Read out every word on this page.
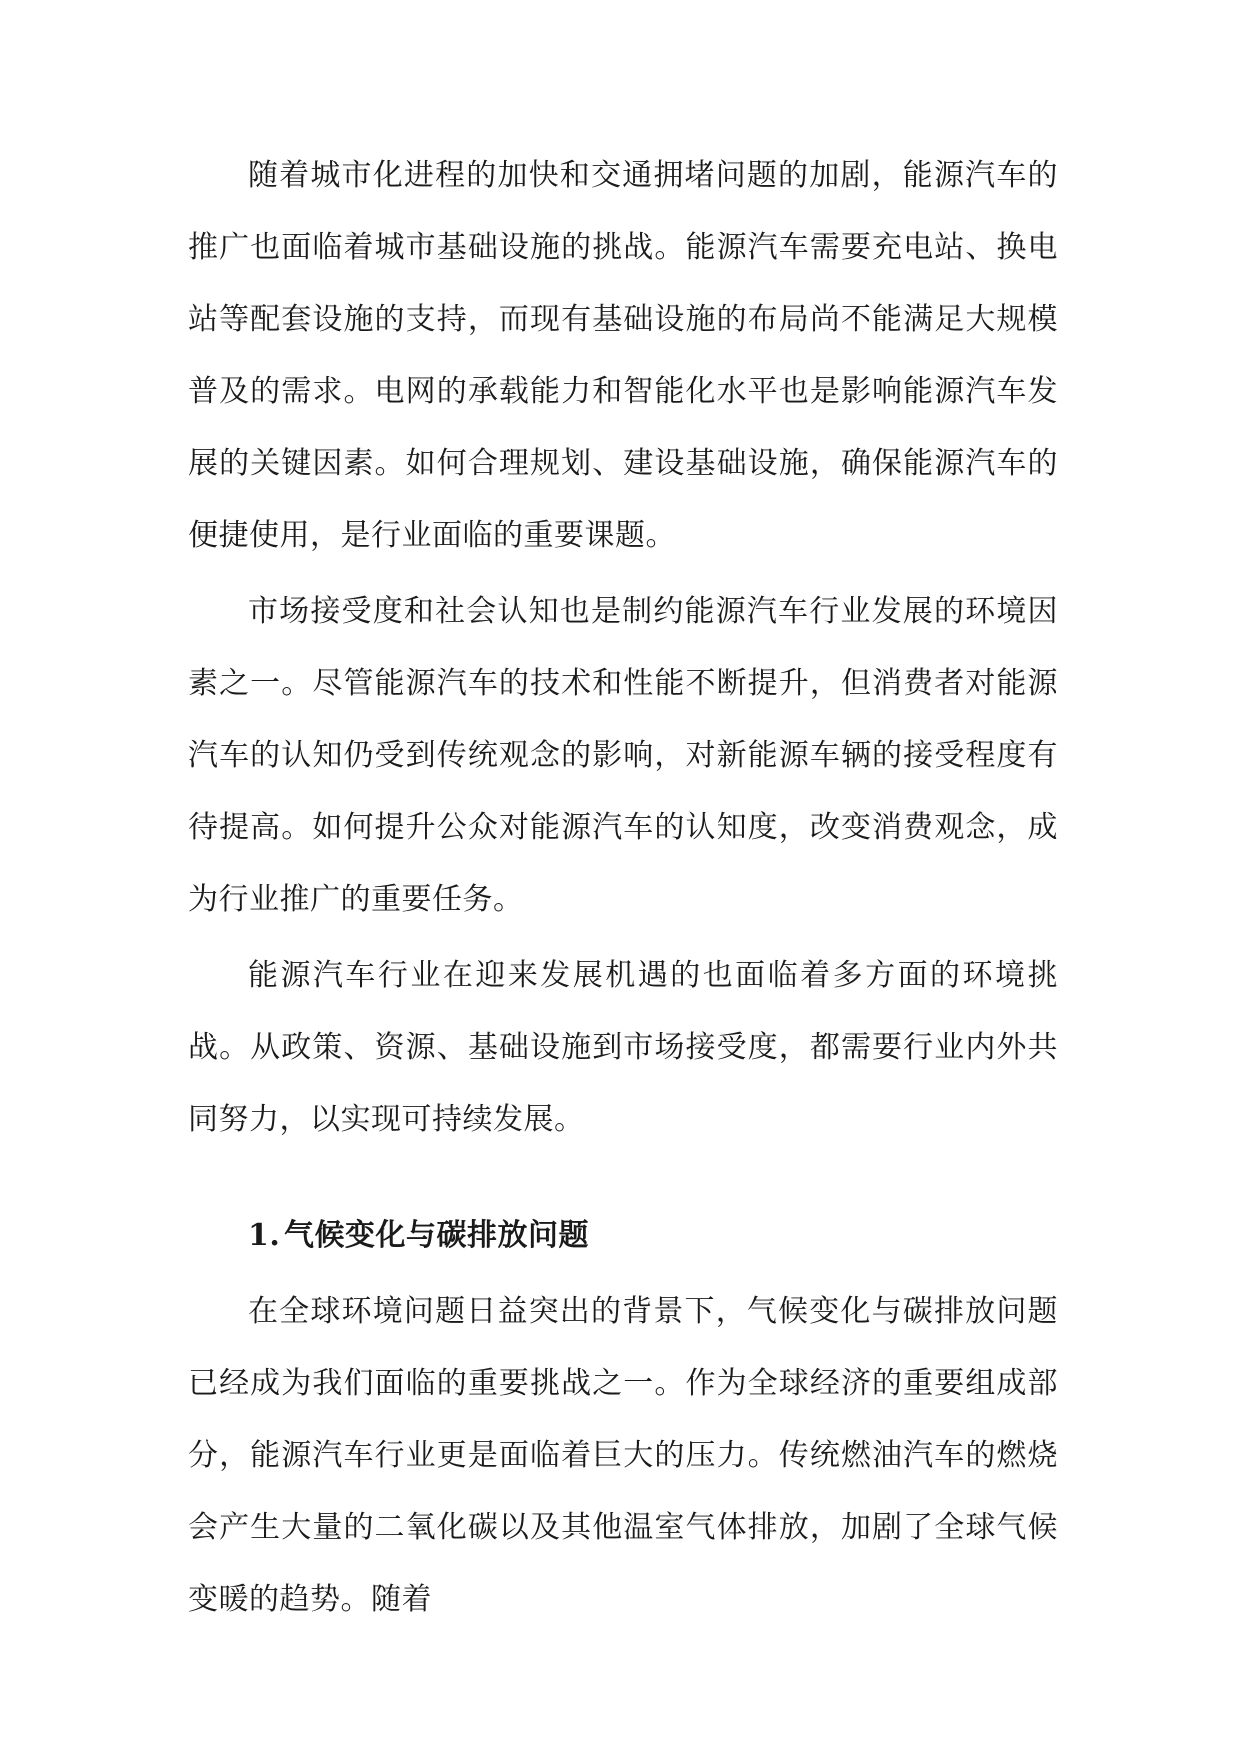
随着城市化进程的加快和交通拥堵问题的加剧，能源汽车的推广也面临着城市基础设施的挑战。能源汽车需要充电站、换电站等配套设施的支持，而现有基础设施的布局尚不能满足大规模普及的需求。电网的承载能力和智能化水平也是影响能源汽车发展的关键因素。如何合理规划、建设基础设施，确保能源汽车的便捷使用，是行业面临的重要课题。

市场接受度和社会认知也是制约能源汽车行业发展的环境因素之一。尽管能源汽车的技术和性能不断提升，但消费者对能源汽车的认知仍受到传统观念的影响，对新能源车辆的接受程度有待提高。如何提升公众对能源汽车的认知度，改变消费观念，成为行业推广的重要任务。

能源汽车行业在迎来发展机遇的也面临着多方面的环境挑战。从政策、资源、基础设施到市场接受度，都需要行业内外共同努力，以实现可持续发展。

1. 气候变化与碳排放问题

在全球环境问题日益突出的背景下，气候变化与碳排放问题已经成为我们面临的重要挑战之一。作为全球经济的重要组成部分，能源汽车行业更是面临着巨大的压力。传统燃油汽车的燃烧会产生大量的二氧化碳以及其他温室气体排放，加剧了全球气候变暖的趋势。随着
